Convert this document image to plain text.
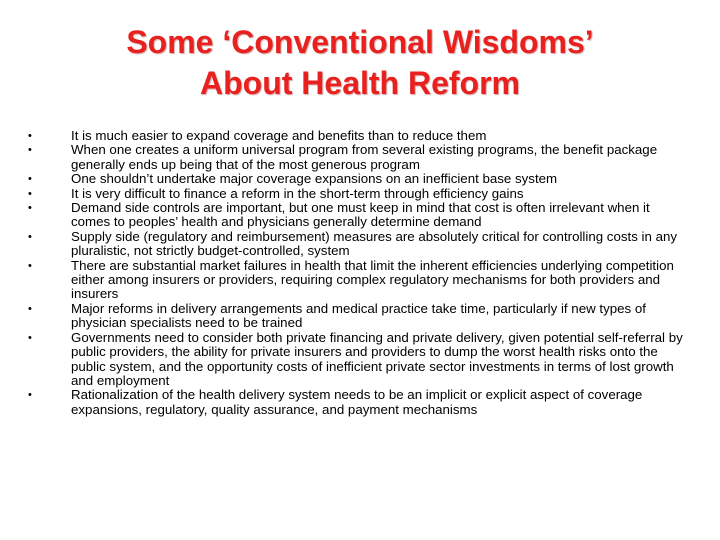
Some ‘Conventional Wisdoms’
About Health Reform
•	It is much easier to expand coverage and benefits than to reduce them
•	When one creates a uniform universal program from several existing programs, the benefit package generally ends up being that of the most generous program
•	One shouldn’t undertake major coverage expansions on an inefficient base system
•	It is very difficult to finance a reform in the short-term through efficiency gains
•	Demand side controls are important, but one must keep in mind that cost is often irrelevant when it comes to peoples’ health and physicians generally determine demand
•	Supply side (regulatory and reimbursement) measures are absolutely critical for controlling costs in any pluralistic, not strictly budget-controlled, system
•	There are substantial market failures in health that limit the inherent efficiencies underlying competition either among insurers or providers, requiring complex regulatory mechanisms for both providers and insurers
•	Major reforms in delivery arrangements and medical practice take time, particularly if new types of physician specialists need to be trained
•	Governments need to consider both private financing and private delivery, given potential self-referral by public providers, the ability for private insurers and providers to dump the worst health risks onto the public system, and the opportunity costs of inefficient private sector investments in terms of lost growth and employment
•	Rationalization of the health delivery system needs to be an implicit or explicit aspect of coverage expansions, regulatory, quality assurance, and payment mechanisms
